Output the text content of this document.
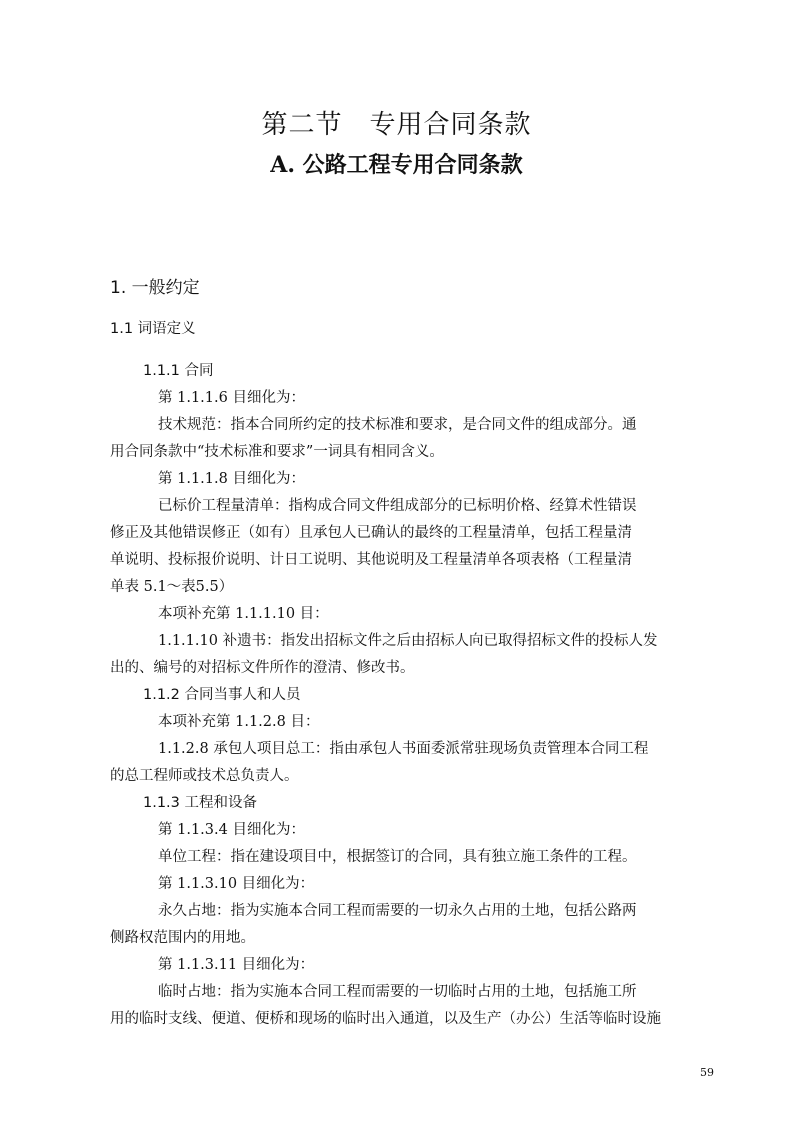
第二节　专用合同条款
A. 公路工程专用合同条款
1. 一般约定
1.1 词语定义
1.1.1 合同
第 1.1.1.6 目细化为：
技术规范：指本合同所约定的技术标准和要求，是合同文件的组成部分。通
用合同条款中“技术标准和要求”一词具有相同含义。
第 1.1.1.8 目细化为：
已标价工程量清单：指构成合同文件组成部分的已标明价格、经算术性错误
修正及其他错误修正（如有）且承包人已确认的最终的工程量清单，包括工程量清
单说明、投标报价说明、计日工说明、其他说明及工程量清单各项表格（工程量清
单表 5.1～表5.5）
本项补充第 1.1.1.10 目：
1.1.1.10 补遗书：指发出招标文件之后由招标人向已取得招标文件的投标人发
出的、编号的对招标文件所作的澄清、修改书。
1.1.2 合同当事人和人员
本项补充第 1.1.2.8 目：
1.1.2.8 承包人项目总工：指由承包人书面委派常驻现场负责管理本合同工程
的总工程师或技术总负责人。
1.1.3 工程和设备
第 1.1.3.4 目细化为：
单位工程：指在建设项目中，根据签订的合同，具有独立施工条件的工程。
第 1.1.3.10 目细化为：
永久占地：指为实施本合同工程而需要的一切永久占用的土地，包括公路两
侧路权范围内的用地。
第 1.1.3.11 目细化为：
临时占地：指为实施本合同工程而需要的一切临时占用的土地，包括施工所
用的临时支线、便道、便桥和现场的临时出入通道，以及生产（办公）生活等临时设施
59
